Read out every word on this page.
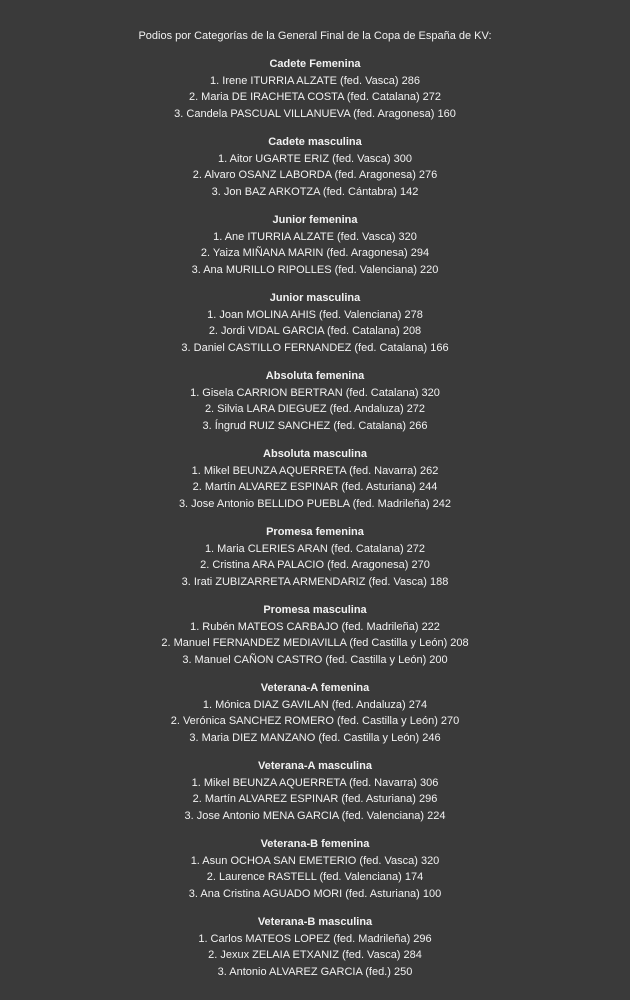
Podios por Categorías de la General Final de la Copa de España de KV:
Cadete Femenina
1. Irene ITURRIA ALZATE (fed. Vasca) 286
2. Maria DE IRACHETA COSTA (fed. Catalana) 272
3. Candela PASCUAL VILLANUEVA (fed. Aragonesa) 160
Cadete masculina
1. Aitor UGARTE ERIZ (fed. Vasca) 300
2. Alvaro OSANZ LABORDA (fed. Aragonesa) 276
3. Jon BAZ ARKOTZA (fed. Cántabra) 142
Junior femenina
1. Ane ITURRIA ALZATE (fed. Vasca) 320
2. Yaiza MIÑANA MARIN (fed. Aragonesa) 294
3. Ana MURILLO RIPOLLES (fed. Valenciana) 220
Junior masculina
1. Joan MOLINA AHIS (fed. Valenciana) 278
2. Jordi VIDAL GARCIA (fed. Catalana) 208
3. Daniel CASTILLO FERNANDEZ (fed. Catalana) 166
Absoluta femenina
1. Gisela CARRION BERTRAN (fed. Catalana) 320
2. Silvia LARA DIEGUEZ (fed. Andaluza) 272
3. Íngrud RUIZ SANCHEZ (fed. Catalana) 266
Absoluta masculina
1. Mikel BEUNZA AQUERRETA (fed. Navarra) 262
2. Martín ALVAREZ ESPINAR (fed. Asturiana) 244
3. Jose Antonio BELLIDO PUEBLA (fed. Madrileña) 242
Promesa femenina
1. Maria CLERIES ARAN (fed. Catalana) 272
2. Cristina ARA PALACIO (fed. Aragonesa) 270
3. Irati ZUBIZARRETA ARMENDARIZ (fed. Vasca) 188
Promesa masculina
1. Rubén MATEOS CARBAJO (fed. Madrileña) 222
2. Manuel FERNANDEZ MEDIAVILLA (fed Castilla y León) 208
3. Manuel CAÑON CASTRO (fed. Castilla y León) 200
Veterana-A femenina
1. Mónica DIAZ GAVILAN (fed. Andaluza) 274
2. Verónica SANCHEZ ROMERO (fed. Castilla y León) 270
3. Maria DIEZ MANZANO (fed. Castilla y León) 246
Veterana-A masculina
1. Mikel BEUNZA AQUERRETA (fed. Navarra) 306
2. Martín ALVAREZ ESPINAR (fed. Asturiana) 296
3. Jose Antonio MENA GARCIA (fed. Valenciana) 224
Veterana-B femenina
1. Asun OCHOA SAN EMETERIO (fed. Vasca) 320
2. Laurence RASTELL (fed. Valenciana) 174
3. Ana Cristina AGUADO MORI (fed. Asturiana) 100
Veterana-B masculina
1. Carlos MATEOS LOPEZ (fed. Madrileña) 296
2. Jexux ZELAIA ETXANIZ (fed. Vasca) 284
3. Antonio ALVAREZ GARCIA (fed.) 250
